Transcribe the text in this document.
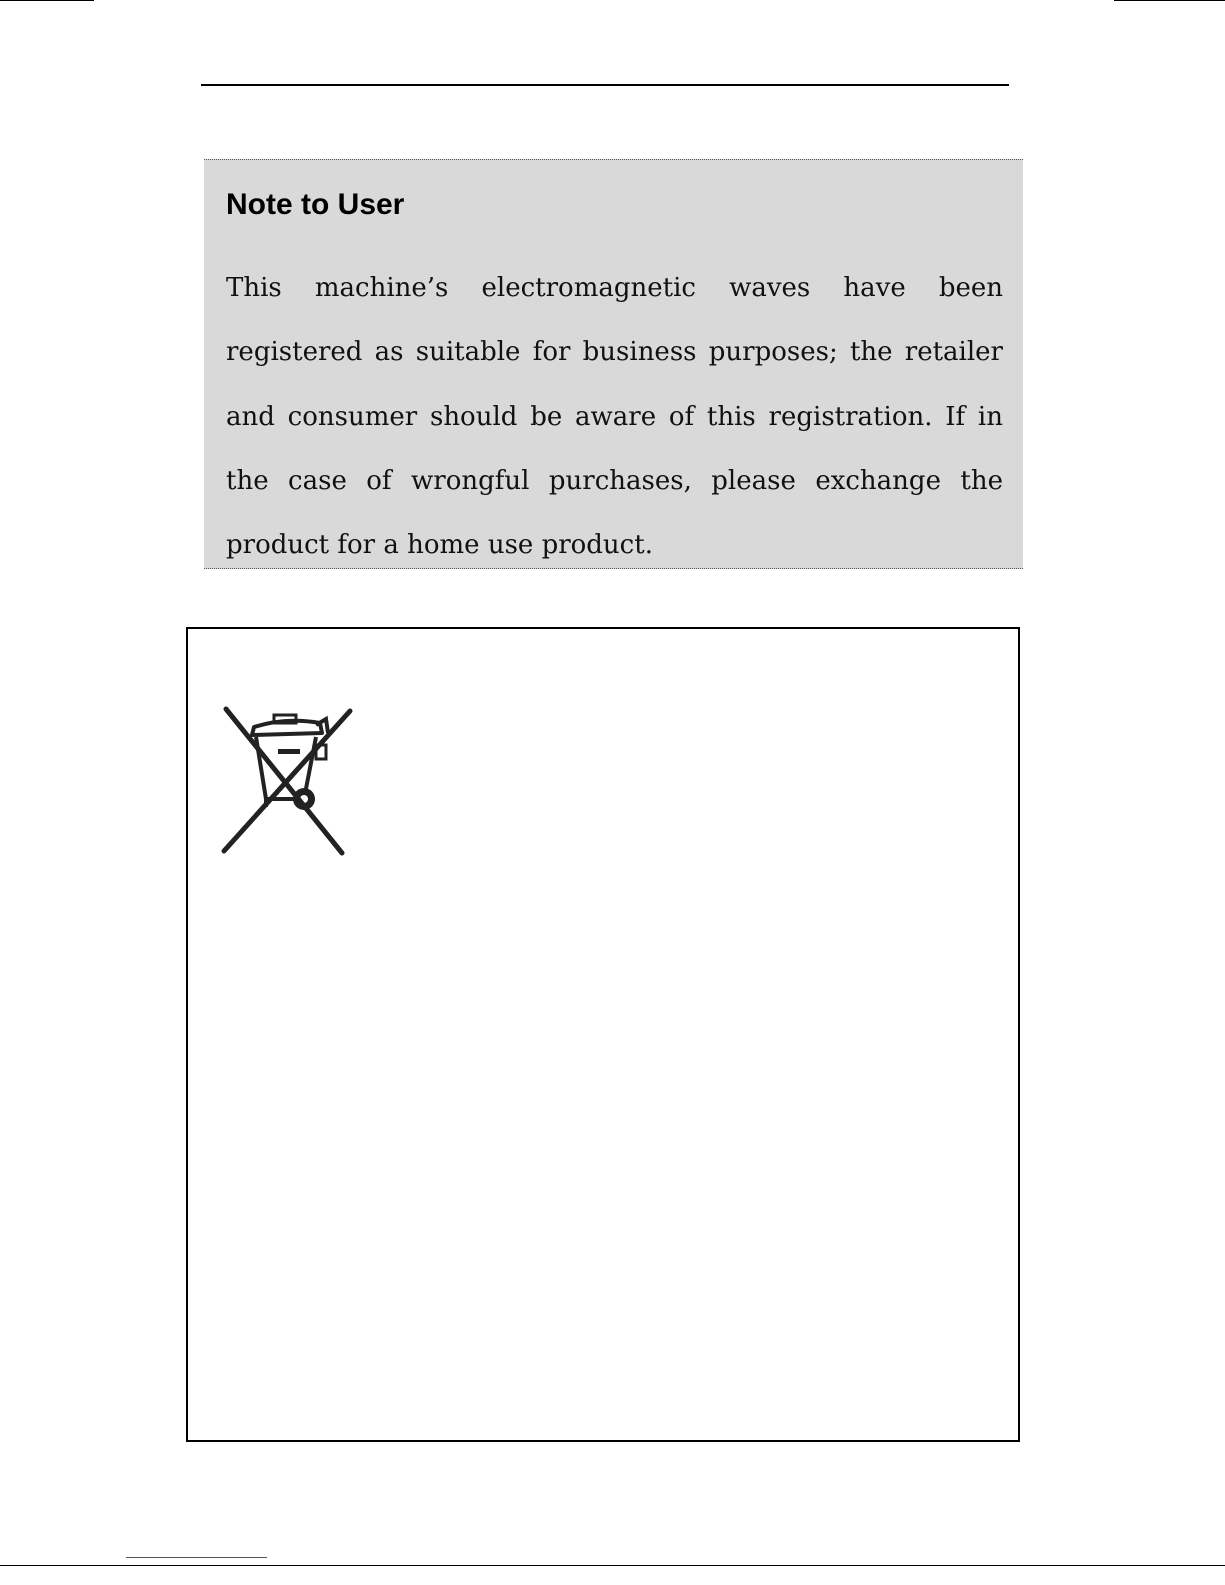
Note to User

This machine’s electromagnetic waves have been registered as suitable for business purposes; the retailer and consumer should be aware of this registration. If in the case of wrongful purchases, please exchange the product for a home use product.
